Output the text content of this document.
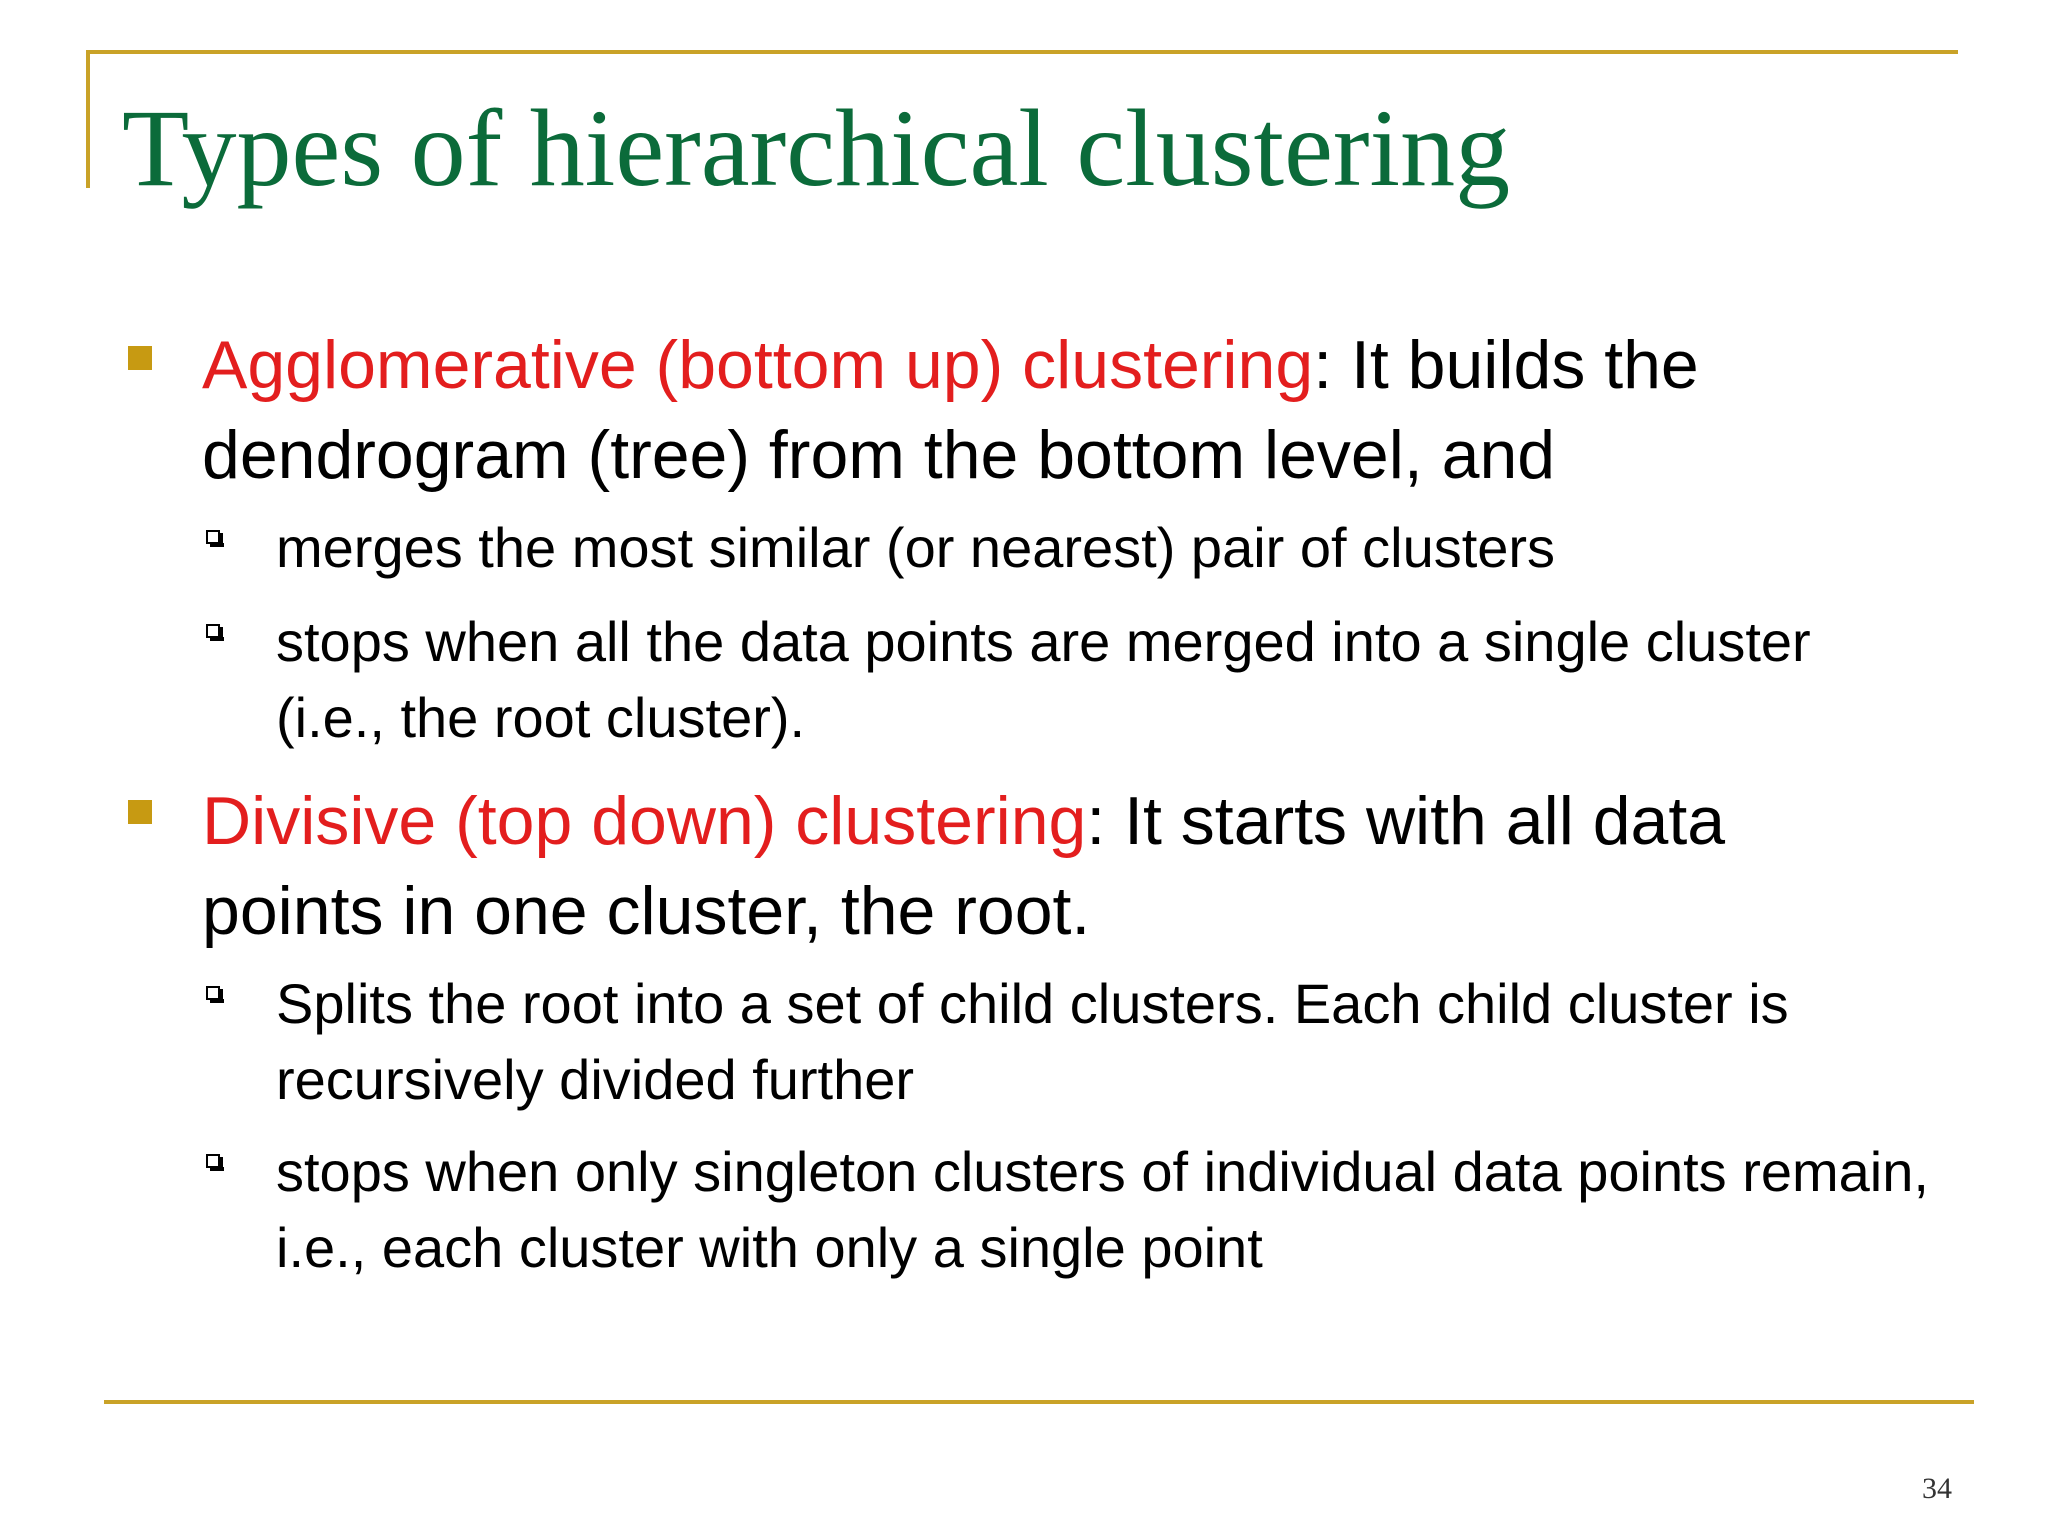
Types of hierarchical clustering

Agglomerative (bottom up) clustering: It builds the dendrogram (tree) from the bottom level, and

merges the most similar (or nearest) pair of clusters

stops when all the data points are merged into a single cluster (i.e., the root cluster).

Divisive (top down) clustering: It starts with all data points in one cluster, the root.

Splits the root into a set of child clusters. Each child cluster is recursively divided further

stops when only singleton clusters of individual data points remain, i.e., each cluster with only a single point

34
